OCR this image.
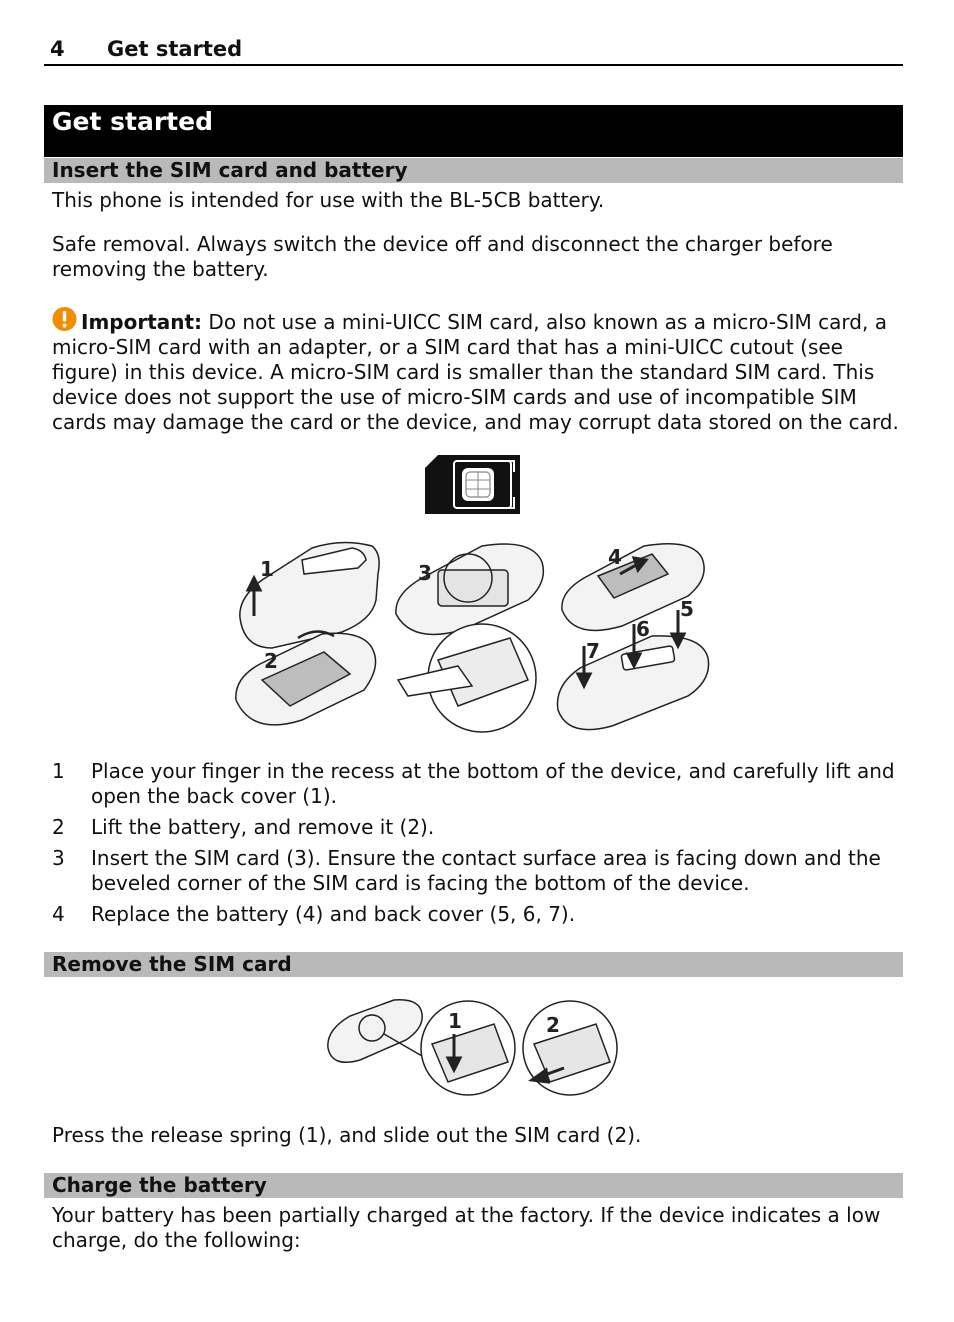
4 Get started
Get started
Insert the SIM card and battery
This phone is intended for use with the BL-5CB battery.
Safe removal. Always switch the device off and disconnect the charger before removing the battery.
Important: Do not use a mini-UICC SIM card, also known as a micro-SIM card, a micro-SIM card with an adapter, or a SIM card that has a mini-UICC cutout (see figure) in this device. A micro-SIM card is smaller than the standard SIM card. This device does not support the use of micro-SIM cards and use of incompatible SIM cards may damage the card or the device, and may corrupt data stored on the card.
1
2
3
4
5
6
7
1 Place your finger in the recess at the bottom of the device, and carefully lift and open the back cover (1).
2 Lift the battery, and remove it (2).
3 Insert the SIM card (3). Ensure the contact surface area is facing down and the beveled corner of the SIM card is facing the bottom of the device.
4 Replace the battery (4) and back cover (5, 6, 7).
Remove the SIM card
1	2
Press the release spring (1), and slide out the SIM card (2).
Charge the battery
Your battery has been partially charged at the factory. If the device indicates a low charge, do the following:
